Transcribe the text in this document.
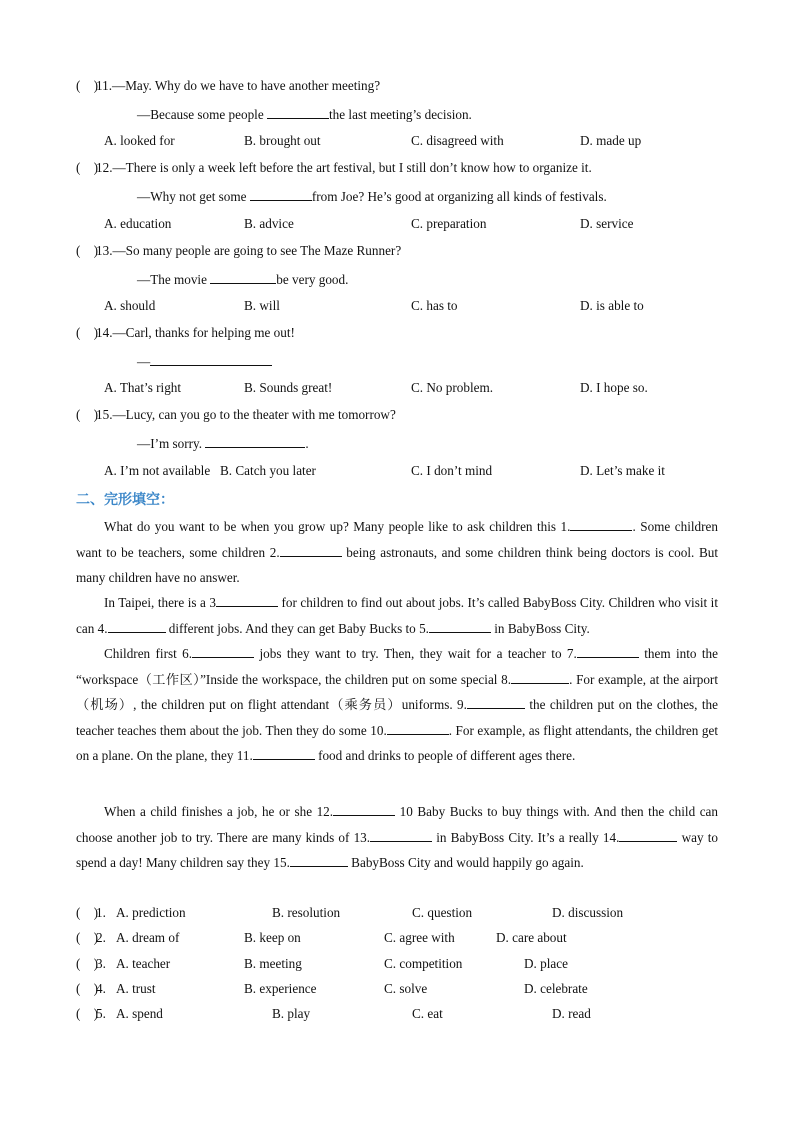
(　)11.—May. Why do we have to have another meeting?
—Because some people	the last meeting’s decision.
A. looked for	B. brought out	C. disagreed with	D. made up
(　)12.—There is only a week left before the art festival, but I still don’t know how to organize it.
—Why not get some	from Joe? He’s good at organizing all kinds of festivals.
A. education	B. advice	C. preparation	D. service
(　)13.—So many people are going to see The Maze Runner?
—The movie	be very good.
A. should	B. will	C. has to	D. is able to
(　)14.—Carl, thanks for helping me out!
—
A. That’s right	B. Sounds great!	C. No problem.	D. I hope so.
(　)15.—Lucy, can you go to the theater with me tomorrow?
—I’m sorry.	.
A. I’m not available B. Catch you later	C. I don’t mind	D. Let’s make it
二、完形填空：
What do you want to be when you grow up? Many people like to ask children this 1.	. Some children want to be teachers, some children 2.	being astronauts, and some children think being doctors is cool. But many children have no answer.
In Taipei, there is a 3	for children to find out about jobs. It’s called BabyBoss City. Children who visit it can 4.	different jobs. And they can get Baby Bucks to 5.	in BabyBoss City.
Children first 6.	jobs they want to try. Then, they wait for a teacher to 7.	them into the “workspace（工作区）”Inside the workspace, the children put on some special 8.	. For example, at the airport（机场）, the children put on flight attendant（乘务员）uniforms. 9.	the children put on the clothes, the teacher teaches them about the job. Then they do some 10.	. For example, as flight attendants, the children get on a plane. On the plane, they 11.	food and drinks to people of different ages there.
When a child finishes a job, he or she 12.	10 Baby Bucks to buy things with. And then the child can choose another job to try. There are many kinds of 13.	in BabyBoss City. It’s a really 14.	way to spend a day! Many children say they 15.	BabyBoss City and would happily go again.
(　)1. A. prediction	B. resolution	C. question	D. discussion
(　)2. A. dream of	B. keep on	C. agree with	D. care about
(　)3. A. teacher	B. meeting	C. competition	D. place
(　)4. A. trust	B. experience	C. solve	D. celebrate
(　)5. A. spend	B. play	C. eat	D. read
